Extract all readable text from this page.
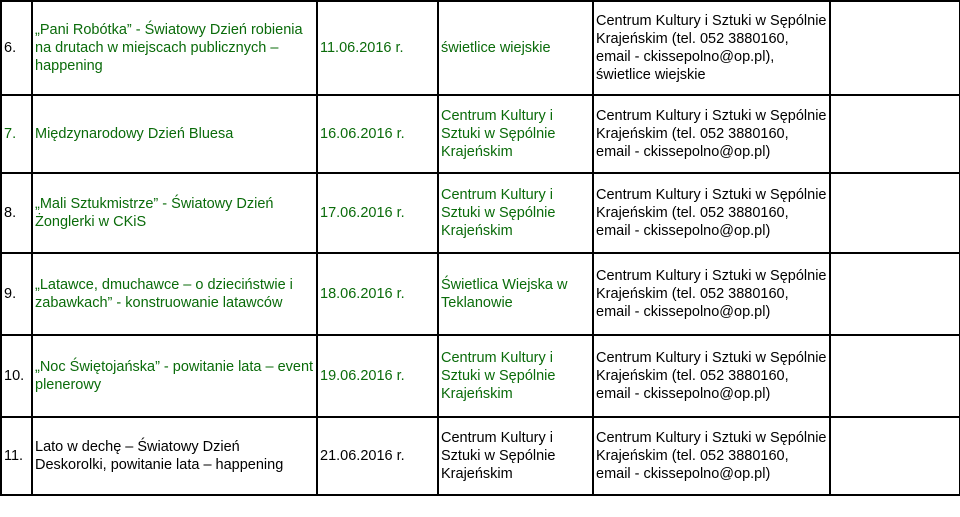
6.	„Pani Robótka” - Światowy Dzień robienia na drutach w miejscach publicznych – happening	11.06.2016 r.	świetlice wiejskie	Centrum Kultury i Sztuki w Sępólnie Krajeńskim (tel. 052 3880160, email - ckissepolno@op.pl), świetlice wiejskie	
7.	Międzynarodowy Dzień Bluesa	16.06.2016 r.	Centrum Kultury i Sztuki w Sępólnie Krajeńskim	Centrum Kultury i Sztuki w Sępólnie Krajeńskim (tel. 052 3880160, email - ckissepolno@op.pl)	
8.	„Mali Sztukmistrze” - Światowy Dzień Żonglerki w CKiS	17.06.2016 r.	Centrum Kultury i Sztuki w Sępólnie Krajeńskim	Centrum Kultury i Sztuki w Sępólnie Krajeńskim (tel. 052 3880160, email - ckissepolno@op.pl)	
9.	„Latawce, dmuchawce – o dzieciństwie i zabawkach” - konstruowanie latawców	18.06.2016 r.	Świetlica Wiejska w Teklanowie	Centrum Kultury i Sztuki w Sępólnie Krajeńskim (tel. 052 3880160, email - ckissepolno@op.pl)	
10.	„Noc Świętojańska” - powitanie lata – event plenerowy	19.06.2016 r.	Centrum Kultury i Sztuki w Sępólnie Krajeńskim	Centrum Kultury i Sztuki w Sępólnie Krajeńskim (tel. 052 3880160, email - ckissepolno@op.pl)	
11.	Lato w dechę – Światowy Dzień Deskorolki, powitanie lata – happening	21.06.2016 r.	Centrum Kultury i Sztuki w Sępólnie Krajeńskim	Centrum Kultury i Sztuki w Sępólnie Krajeńskim (tel. 052 3880160, email - ckissepolno@op.pl)	
